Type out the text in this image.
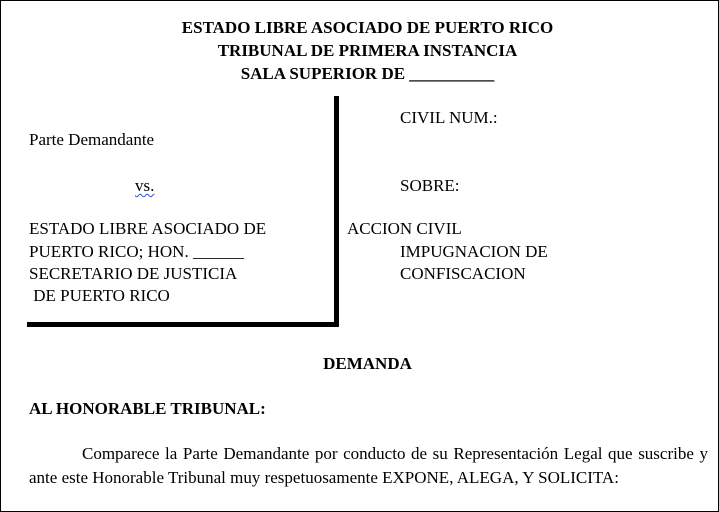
ESTADO LIBRE ASOCIADO DE PUERTO RICO
TRIBUNAL DE PRIMERA INSTANCIA
SALA SUPERIOR DE __________
Parte Demandante
vs.
ESTADO LIBRE ASOCIADO DE
PUERTO RICO; HON. ______
SECRETARIO DE JUSTICIA
DE PUERTO RICO
CIVIL NUM.:
SOBRE:
ACCION CIVIL
IMPUGNACION DE
CONFISCACION
DEMANDA
AL HONORABLE TRIBUNAL:
Comparece la Parte Demandante por conducto de su Representación Legal que suscribe y ante este Honorable Tribunal muy respetuosamente EXPONE, ALEGA, Y SOLICITA:
